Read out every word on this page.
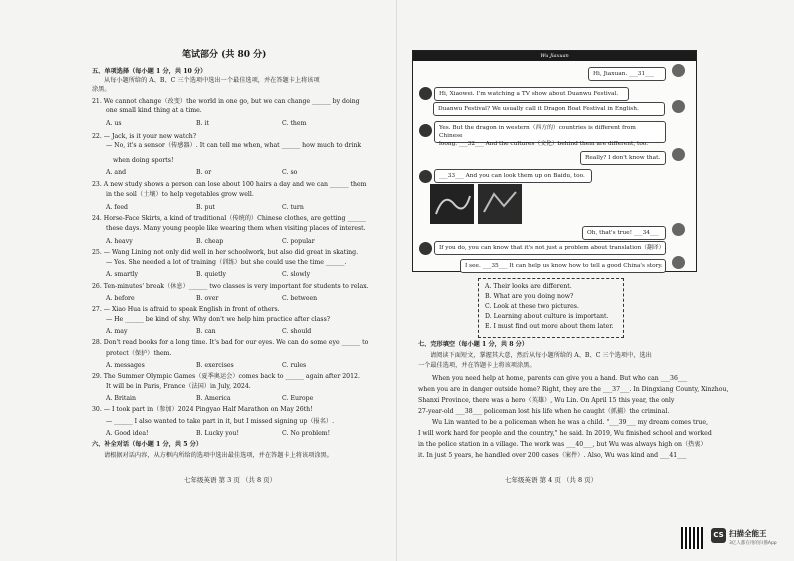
笔试部分 (共 80 分)
五、单项选择（每小题 1 分，共 10 分）
从每小题所给的 A、B、C 三个选项中选出一个最佳选项，并在答题卡上将该项
涂黑。
21. We cannot change（改变）the world in one go, but we can change ______ by doing
one small kind thing at a time.
A. us	B. it	C. them
22. — Jack, is it your new watch?
— No, it's a sensor（传感器）. It can tell me when, what ______ how much to drink
when doing sports!
A. and	B. or	C. so
23. A new study shows a person can lose about 100 hairs a day and we can ______ them
in the soil（土壤）to help vegetables grow well.
A. feed	B. put	C. turn
24. Horse-Face Skirts, a kind of traditional（传统的）Chinese clothes, are getting ______
these days. Many young people like wearing them when visiting places of interest.
A. heavy	B. cheap	C. popular
25. — Wang Lining not only did well in her schoolwork, but also did great in skating.
— Yes. She needed a lot of training（训练）but she could use the time ______.
A. smartly	B. quietly	C. slowly
26. Ten-minutes' break（休息）______ two classes is very important for students to relax.
A. before	B. over	C. between
27. — Xiao Hua is afraid to speak English in front of others.
— He ______ be kind of shy. Why don't we help him practice after class?
A. may	B. can	C. should
28. Don't read books for a long time. It's bad for our eyes. We can do some eye ______ to
protect（保护）them.
A. messages	B. exercises	C. rules
29. The Summer Olympic Games（夏季奥运会）comes back to ______ again after 2012.
It will be in Paris, France（法国）in July, 2024.
A. Britain	B. America	C. Europe
30. — I took part in（参加）2024 Pingyao Half Marathon on May 26th!
— ______ I also wanted to take part in it, but I missed signing up（报名）.
A. Good idea!	B. Lucky you!	C. No problem!
六、补全对话（每小题 1 分，共 5 分）
请根据对话内容，从方框内所给的选项中选出最佳选项，并在答题卡上将该项涂黑。
七年级英语 第 3 页 （共 8 页）
Wu Jiaxuan
Hi, Jiaxuan. ___31___
Hi, Xiaowei. I'm watching a TV show about Duanwu Festival.
Duanwu Festival? We usually call it Dragon Boat Festival in English.
Yes. But the dragon in western（西方的）countries is different from Chinese
loong. ___32___ And the cultures（文化）behind them are different, too.
Really? I don't know that.
___33___ And you can look them up on Baidu, too.
Oh, that's true! ___34___
If you do, you can know that it's not just a problem about translation（翻译）.
I see. ___35___ It can help us know how to tell a good China's story.
A. Their looks are different.
B. What are you doing now?
C. Look at these two pictures.
D. Learning about culture is important.
E. I must find out more about them later.
七、完形填空（每小题 1 分，共 8 分）
请阅读下面短文，掌握其大意，然后从每小题所给的 A、B、C 三个选项中，选出
一个最佳选项，并在答题卡上将该项涂黑。
When you need help at home, parents can give you a hand. But who can ___36___
when you are in danger outside home? Right, they are the ___37___. In Dingxiang County, Xinzhou,
Shanxi Province, there was a hero（英雄）, Wu Lin. On April 15 this year, the only
27-year-old ___38___ policeman lost his life when he caught（抓捕）the criminal.
Wu Lin wanted to be a policeman when he was a child. "___39___ my dream comes true,
I will work hard for people and the country," he said. In 2019, Wu finished school and worked
in the police station in a village. The work was ___40___, but Wu was always high on（热衷）
it. In just 5 years, he handled over 200 cases（案件）. Also, Wu was kind and ___41___
七年级英语 第 4 页 （共 8 页）
CS 扫描全能王
3亿人都在用的扫描App
